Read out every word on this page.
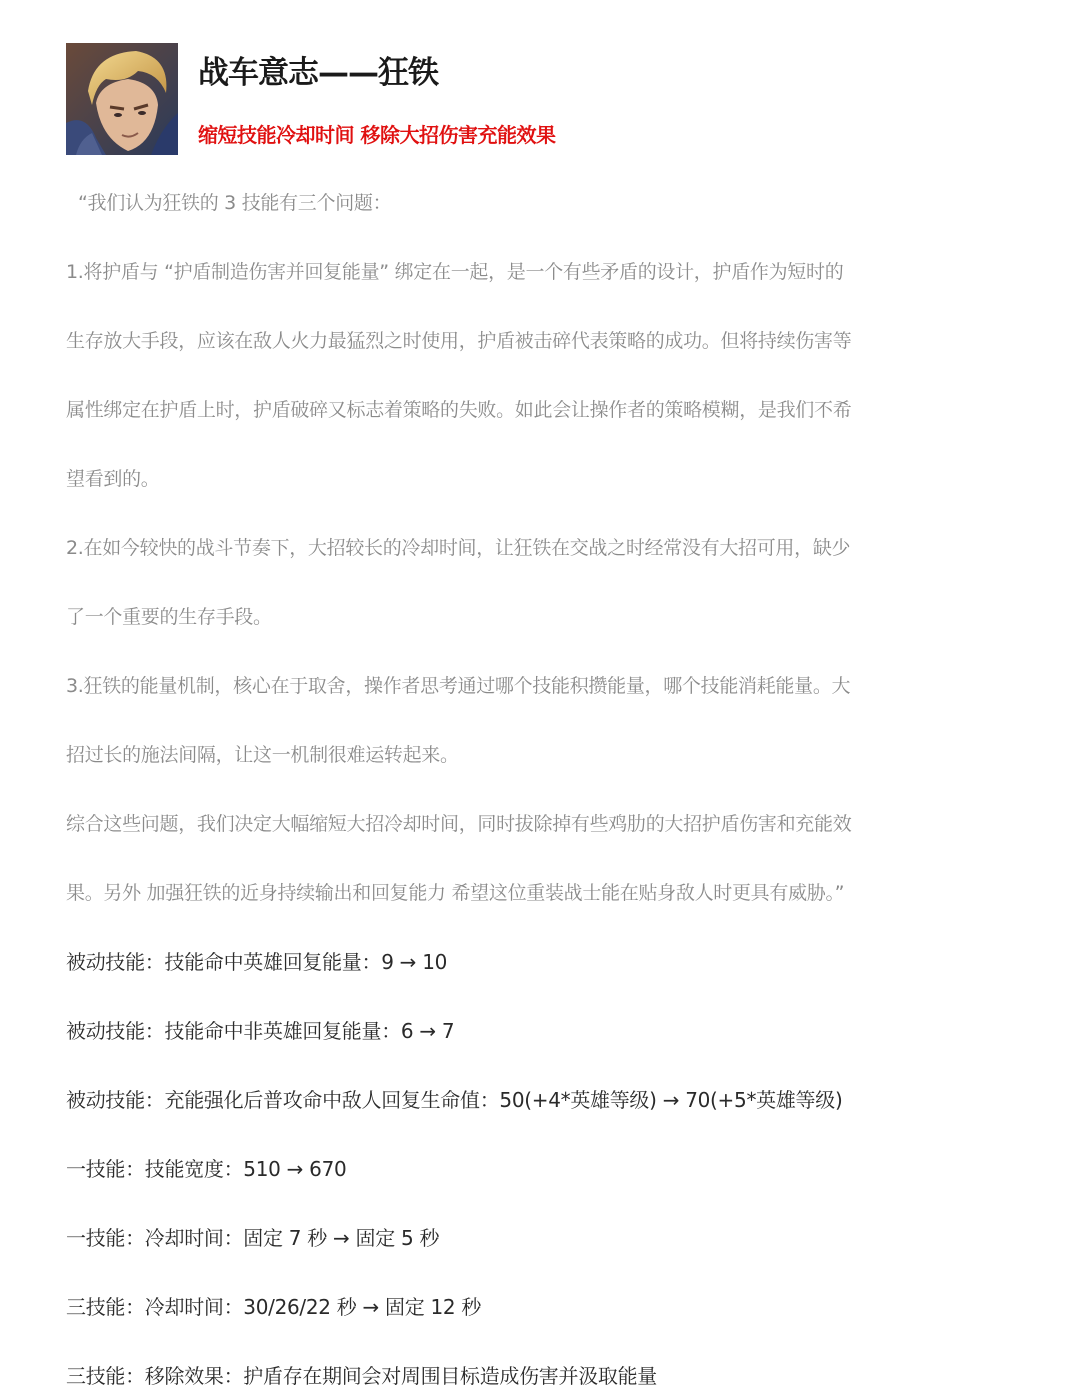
战车意志——狂铁
缩短技能冷却时间 移除大招伤害充能效果
“我们认为狂铁的 3 技能有三个问题：
1.将护盾与 “护盾制造伤害并回复能量” 绑定在一起，是一个有些矛盾的设计，护盾作为短时的
生存放大手段，应该在敌人火力最猛烈之时使用，护盾被击碎代表策略的成功。但将持续伤害等
属性绑定在护盾上时，护盾破碎又标志着策略的失败。如此会让操作者的策略模糊，是我们不希
望看到的。
2.在如今较快的战斗节奏下，大招较长的冷却时间，让狂铁在交战之时经常没有大招可用，缺少
了一个重要的生存手段。
3.狂铁的能量机制，核心在于取舍，操作者思考通过哪个技能积攒能量，哪个技能消耗能量。大
招过长的施法间隔，让这一机制很难运转起来。
综合这些问题，我们决定大幅缩短大招冷却时间，同时拔除掉有些鸡肋的大招护盾伤害和充能效
果。另外 加强狂铁的近身持续输出和回复能力 希望这位重装战士能在贴身敌人时更具有威胁。”
被动技能：技能命中英雄回复能量：9 → 10
被动技能：技能命中非英雄回复能量：6 → 7
被动技能：充能强化后普攻命中敌人回复生命值：50(+4*英雄等级) → 70(+5*英雄等级)
一技能：技能宽度：510 → 670
一技能：冷却时间：固定 7 秒 → 固定 5 秒
三技能：冷却时间：30/26/22 秒 → 固定 12 秒
三技能：移除效果：护盾存在期间会对周围目标造成伤害并汲取能量
